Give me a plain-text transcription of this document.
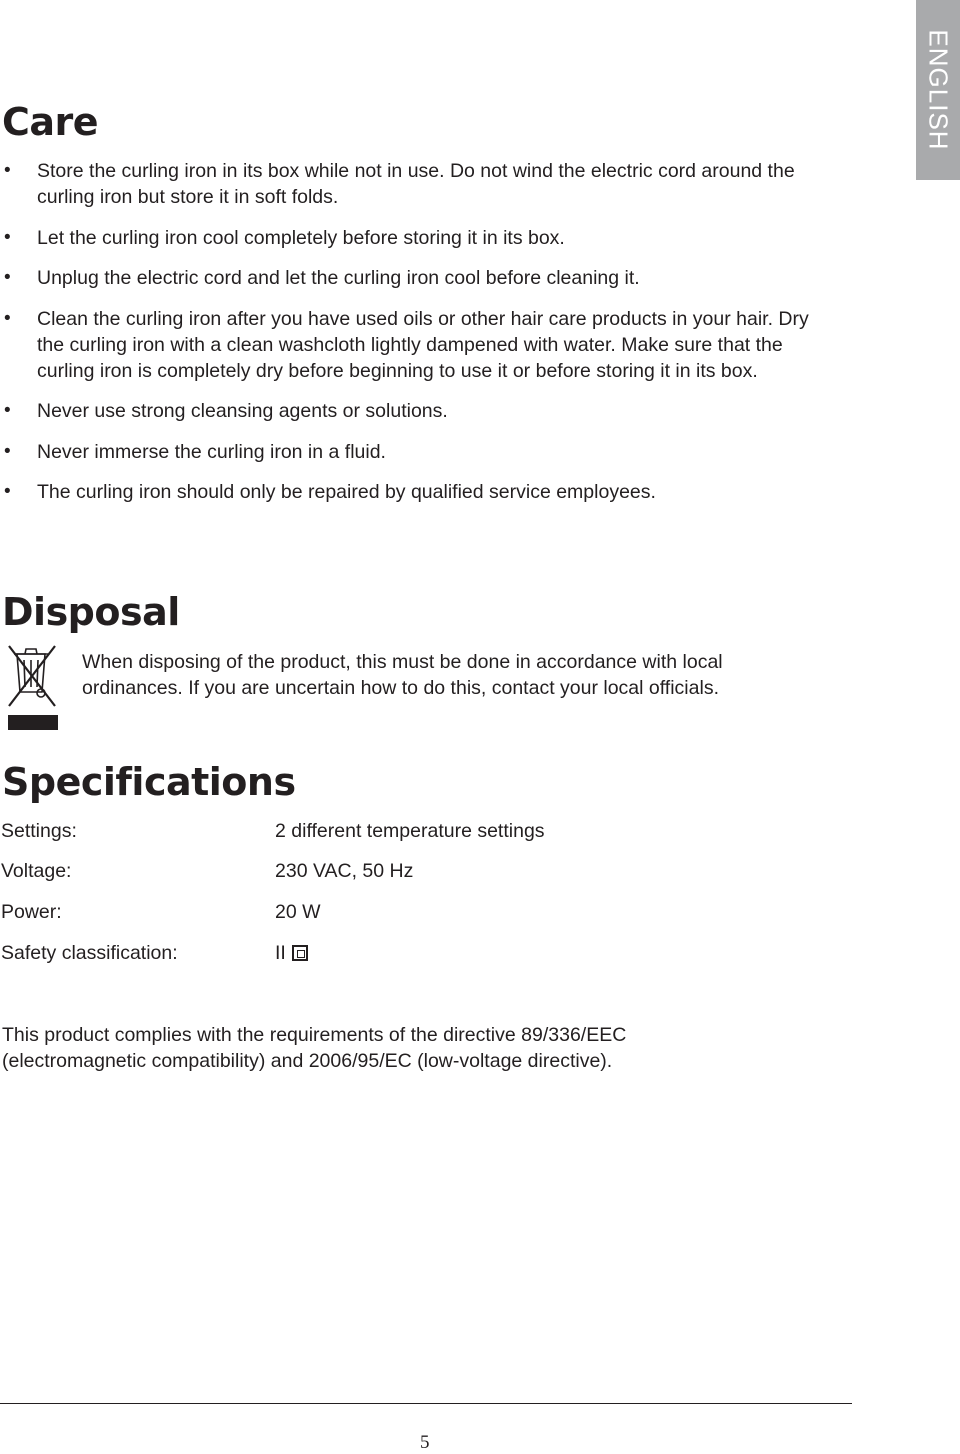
ENGLISH
Care
• Store the curling iron in its box while not in use. Do not wind the electric cord around the curling iron but store it in soft folds.
• Let the curling iron cool completely before storing it in its box.
• Unplug the electric cord and let the curling iron cool before cleaning it.
• Clean the curling iron after you have used oils or other hair care products in your hair. Dry the curling iron with a clean washcloth lightly dampened with water. Make sure that the curling iron is completely dry before beginning to use it or before storing it in its box.
• Never use strong cleansing agents or solutions.
• Never immerse the curling iron in a fluid.
• The curling iron should only be repaired by qualified service employees.
Disposal
When disposing of the product, this must be done in accordance with local ordinances. If you are uncertain how to do this, contact your local officials.
Specifications
Settings:	2 different temperature settings
Voltage:	230 VAC, 50 Hz
Power:	20 W
Safety classification:	II
This product complies with the requirements of the directive 89/336/EEC (electromagnetic compatibility) and 2006/95/EC (low-voltage directive).
5
